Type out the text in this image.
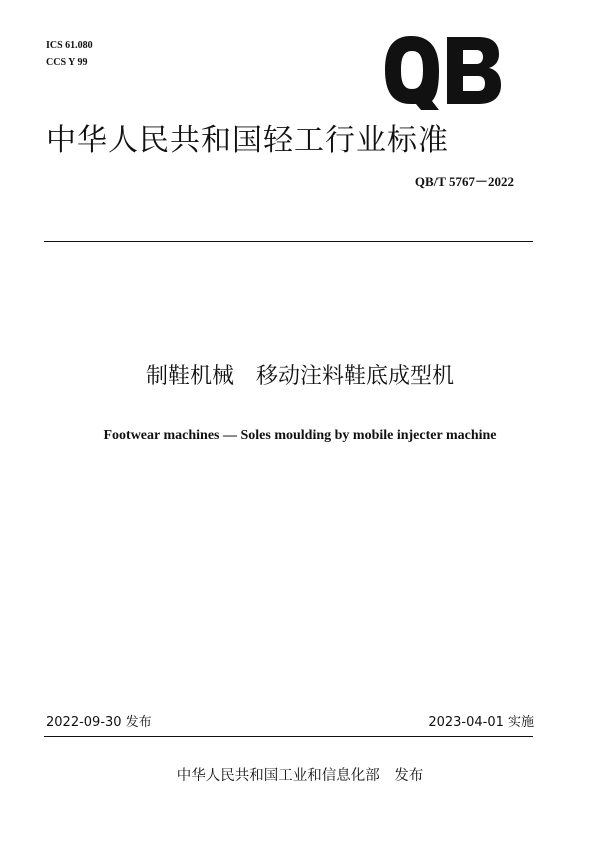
ICS 61.080
CCS Y 99
中华人民共和国轻工行业标准
QB/T 5767－2022
制鞋机械　移动注料鞋底成型机
Footwear machines — Soles moulding by mobile injecter machine
2022-09-30 发布	2023-04-01 实施
中华人民共和国工业和信息化部　发布
